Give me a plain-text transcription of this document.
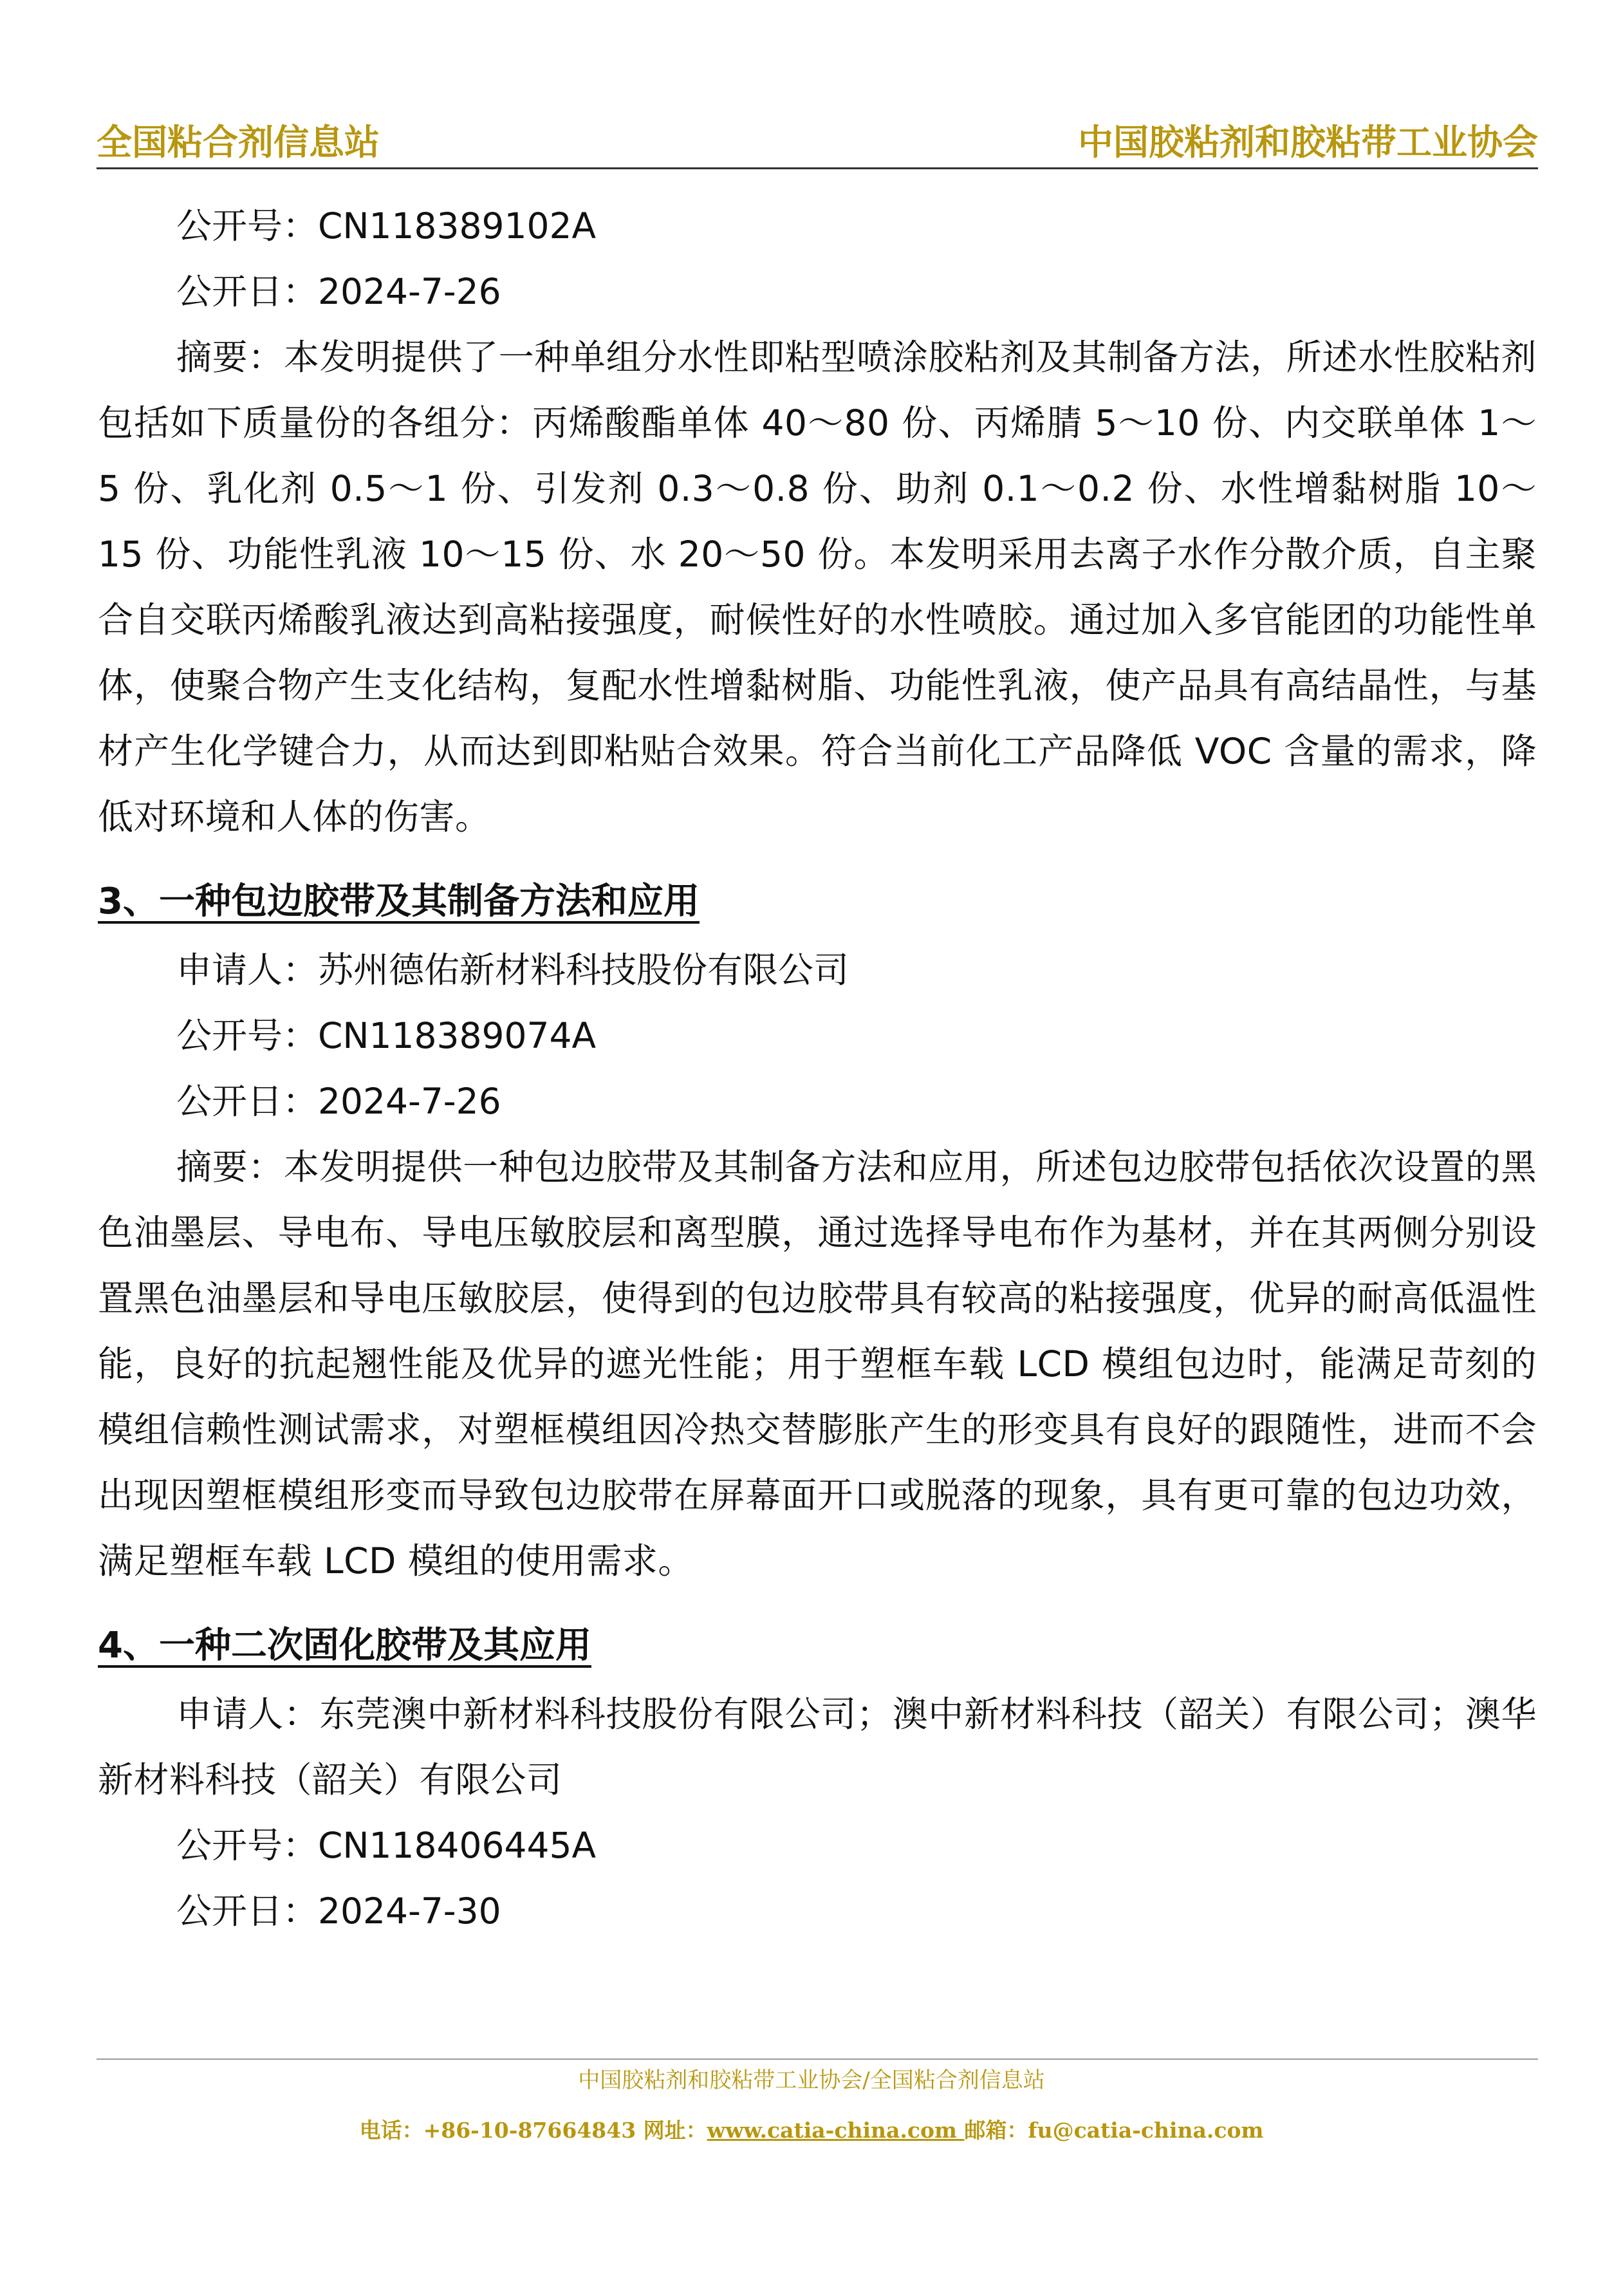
全国粘合剂信息站	中国胶粘剂和胶粘带工业协会
公开号：CN118389102A
公开日：2024-7-26

摘要：本发明提供了一种单组分水性即粘型喷涂胶粘剂及其制备方法，所述水性胶粘剂包括如下质量份的各组分：丙烯酸酯单体 40～80 份、丙烯腈 5～10 份、内交联单体 1～5 份、乳化剂 0.5～1 份、引发剂 0.3～0.8 份、助剂 0.1～0.2 份、水性增黏树脂 10～15 份、功能性乳液 10～15 份、水 20～50 份。本发明采用去离子水作分散介质，自主聚合自交联丙烯酸乳液达到高粘接强度，耐候性好的水性喷胶。通过加入多官能团的功能性单体，使聚合物产生支化结构，复配水性增黏树脂、功能性乳液，使产品具有高结晶性，与基材产生化学键合力，从而达到即粘贴合效果。符合当前化工产品降低 VOC 含量的需求，降低对环境和人体的伤害。

3、一种包边胶带及其制备方法和应用
申请人：苏州德佑新材料科技股份有限公司
公开号：CN118389074A
公开日：2024-7-26

摘要：本发明提供一种包边胶带及其制备方法和应用，所述包边胶带包括依次设置的黑色油墨层、导电布、导电压敏胶层和离型膜，通过选择导电布作为基材，并在其两侧分别设置黑色油墨层和导电压敏胶层，使得到的包边胶带具有较高的粘接强度，优异的耐高低温性能，良好的抗起翘性能及优异的遮光性能；用于塑框车载 LCD 模组包边时，能满足苛刻的模组信赖性测试需求，对塑框模组因冷热交替膨胀产生的形变具有良好的跟随性，进而不会出现因塑框模组形变而导致包边胶带在屏幕面开口或脱落的现象，具有更可靠的包边功效，满足塑框车载 LCD 模组的使用需求。

4、一种二次固化胶带及其应用

申请人：东莞澳中新材料科技股份有限公司；澳中新材料科技（韶关）有限公司；澳华新材料科技（韶关）有限公司

公开号：CN118406445A
公开日：2024-7-30
中国胶粘剂和胶粘带工业协会/全国粘合剂信息站
电话：+86-10-87664843 网址：www.catia-china.com 邮箱：fu@catia-china.com
